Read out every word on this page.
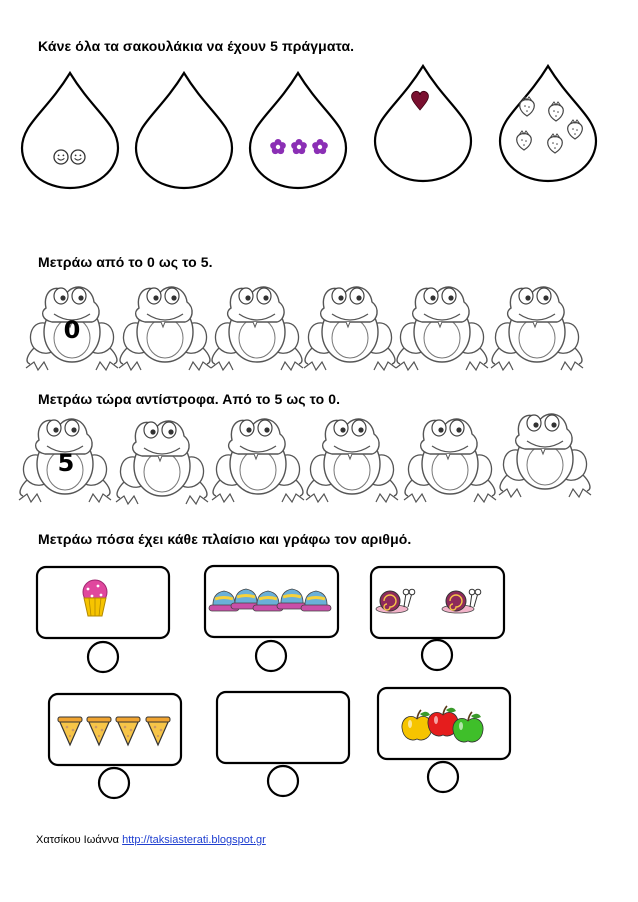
Κάνε όλα τα σακουλάκια να έχουν 5 πράγματα.
Μετράω από το 0 ως το 5.
Μετράω τώρα αντίστροφα. Από το 5 ως το 0.
Μετράω πόσα έχει κάθε πλαίσιο και γράφω τον αριθμό.
0
5
Χατσίκου Ιωάννα http://taksiasterati.blogspot.gr
